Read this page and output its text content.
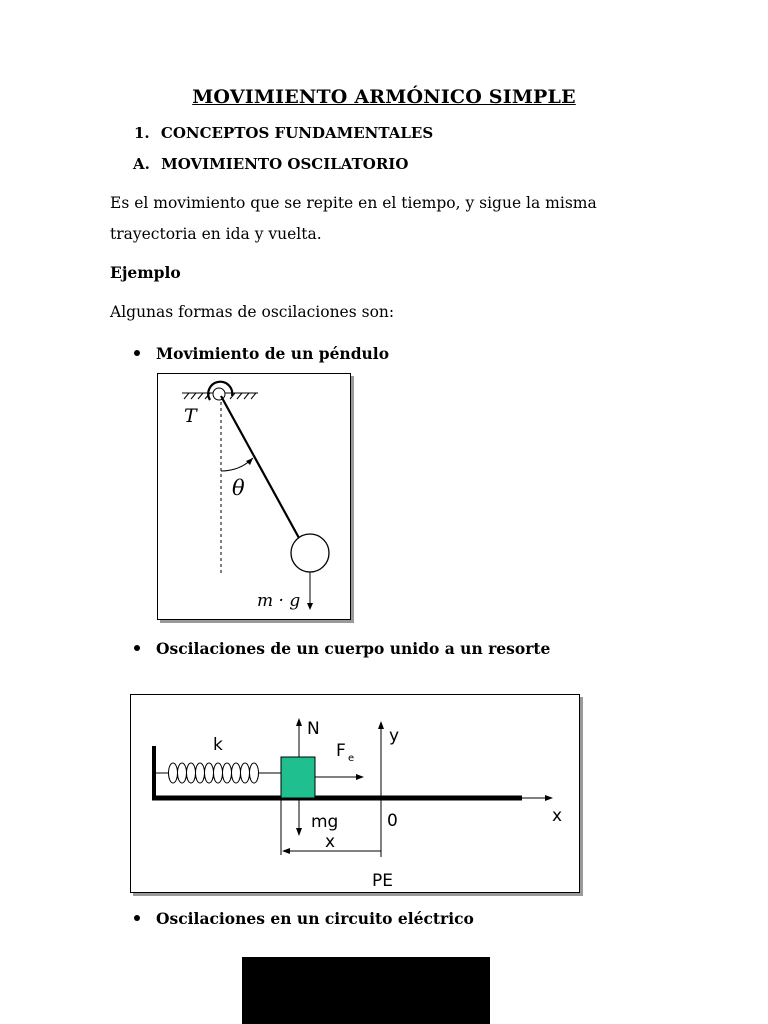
MOVIMIENTO ARMÓNICO SIMPLE
1. CONCEPTOS FUNDAMENTALES
A. MOVIMIENTO OSCILATORIO
Es el movimiento que se repite en el tiempo, y sigue la misma
trayectoria en ida y vuelta.
Ejemplo
Algunas formas de oscilaciones son:
Movimiento de un péndulo
T
θ
m · g
Oscilaciones de un cuerpo unido a un resorte
k
N
F e
y
x
mg	0
x
PE
Oscilaciones en un circuito eléctrico
